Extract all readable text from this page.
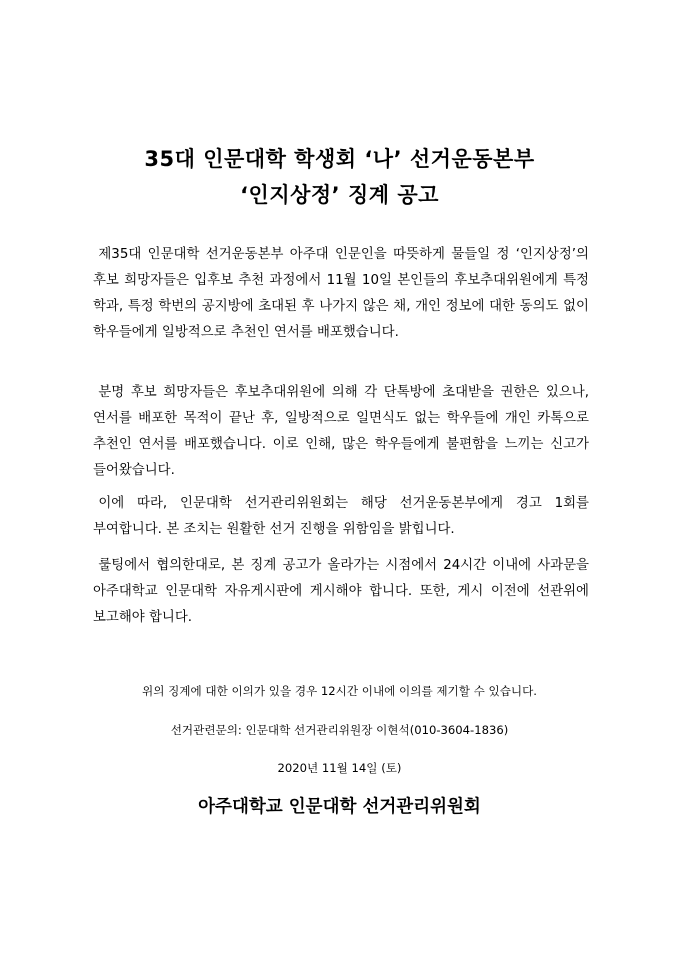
35대 인문대학 학생회 ‘나’ 선거운동본부
‘인지상정’ 징계 공고

제35대 인문대학 선거운동본부 아주대 인문인을 따뜻하게 물들일 정 ‘인지상정’의 후보 희망자들은 입후보 추천 과정에서 11월 10일 본인들의 후보추대위원에게 특정 학과, 특정 학번의 공지방에 초대된 후 나가지 않은 채, 개인 정보에 대한 동의도 없이 학우들에게 일방적으로 추천인 연서를 배포했습니다.

분명 후보 희망자들은 후보추대위원에 의해 각 단톡방에 초대받을 권한은 있으나, 연서를 배포한 목적이 끝난 후, 일방적으로 일면식도 없는 학우들에 개인 카톡으로 추천인 연서를 배포했습니다. 이로 인해, 많은 학우들에게 불편함을 느끼는 신고가 들어왔습니다.

이에 따라, 인문대학 선거관리위원회는 해당 선거운동본부에게 경고 1회를 부여합니다. 본 조치는 원활한 선거 진행을 위함임을 밝힙니다.

룰팅에서 협의한대로, 본 징계 공고가 올라가는 시점에서 24시간 이내에 사과문을 아주대학교 인문대학 자유게시판에 게시해야 합니다. 또한, 게시 이전에 선관위에 보고해야 합니다.

위의 징계에 대한 이의가 있을 경우 12시간 이내에 이의를 제기할 수 있습니다.

선거관련문의: 인문대학 선거관리위원장 이현석(010-3604-1836)

2020년 11월 14일 (토)

아주대학교 인문대학 선거관리위원회
